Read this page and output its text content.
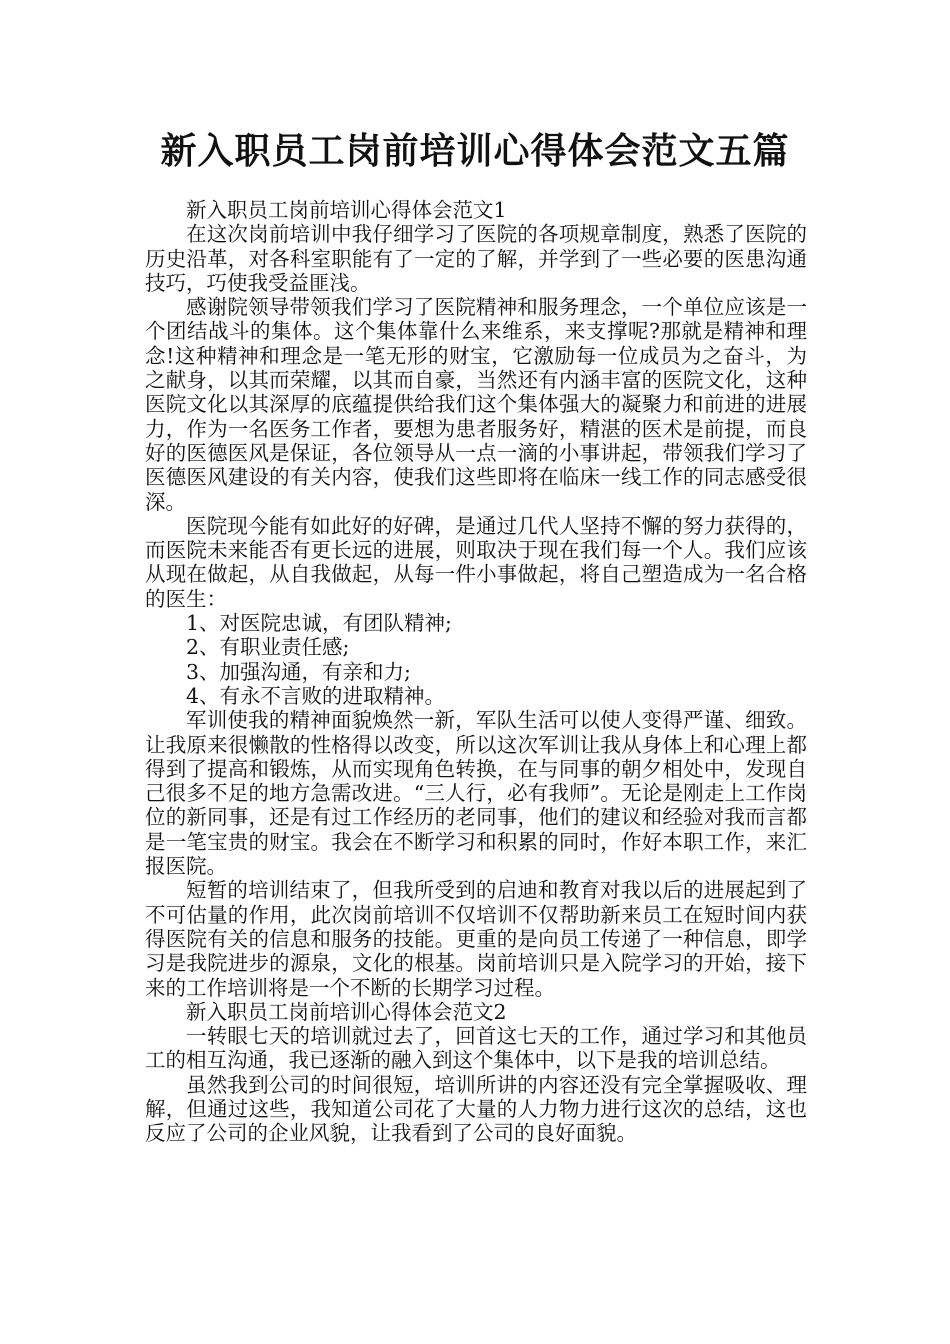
新入职员工岗前培训心得体会范文五篇

新入职员工岗前培训心得体会范文1

在这次岗前培训中我仔细学习了医院的各项规章制度，熟悉了医院的历史沿革，对各科室职能有了一定的了解，并学到了一些必要的医患沟通技巧，巧使我受益匪浅。

感谢院领导带领我们学习了医院精神和服务理念，一个单位应该是一个团结战斗的集体。这个集体靠什么来维系，来支撑呢?那就是精神和理念!这种精神和理念是一笔无形的财宝，它激励每一位成员为之奋斗，为之献身，以其而荣耀，以其而自豪，当然还有内涵丰富的医院文化，这种医院文化以其深厚的底蕴提供给我们这个集体强大的凝聚力和前进的进展力，作为一名医务工作者，要想为患者服务好，精湛的医术是前提，而良好的医德医风是保证，各位领导从一点一滴的小事讲起，带领我们学习了医德医风建设的有关内容，使我们这些即将在临床一线工作的同志感受很深。

医院现今能有如此好的好碑，是通过几代人坚持不懈的努力获得的，而医院未来能否有更长远的进展，则取决于现在我们每一个人。我们应该从现在做起，从自我做起，从每一件小事做起，将自己塑造成为一名合格的医生：

1、对医院忠诚，有团队精神;

2、有职业责任感;

3、加强沟通，有亲和力;

4、有永不言败的进取精神。

军训使我的精神面貌焕然一新，军队生活可以使人变得严谨、细致。让我原来很懒散的性格得以改变，所以这次军训让我从身体上和心理上都得到了提高和锻炼，从而实现角色转换，在与同事的朝夕相处中，发现自己很多不足的地方急需改进。“三人行，必有我师”。无论是刚走上工作岗位的新同事，还是有过工作经历的老同事，他们的建议和经验对我而言都是一笔宝贵的财宝。我会在不断学习和积累的同时，作好本职工作，来汇报医院。

短暂的培训结束了，但我所受到的启迪和教育对我以后的进展起到了不可估量的作用，此次岗前培训不仅培训不仅帮助新来员工在短时间内获得医院有关的信息和服务的技能。更重的是向员工传递了一种信息，即学习是我院进步的源泉，文化的根基。岗前培训只是入院学习的开始，接下来的工作培训将是一个不断的长期学习过程。

新入职员工岗前培训心得体会范文2

一转眼七天的培训就过去了，回首这七天的工作，通过学习和其他员工的相互沟通，我已逐渐的融入到这个集体中，以下是我的培训总结。

虽然我到公司的时间很短，培训所讲的内容还没有完全掌握吸收、理解，但通过这些，我知道公司花了大量的人力物力进行这次的总结，这也反应了公司的企业风貌，让我看到了公司的良好面貌。
